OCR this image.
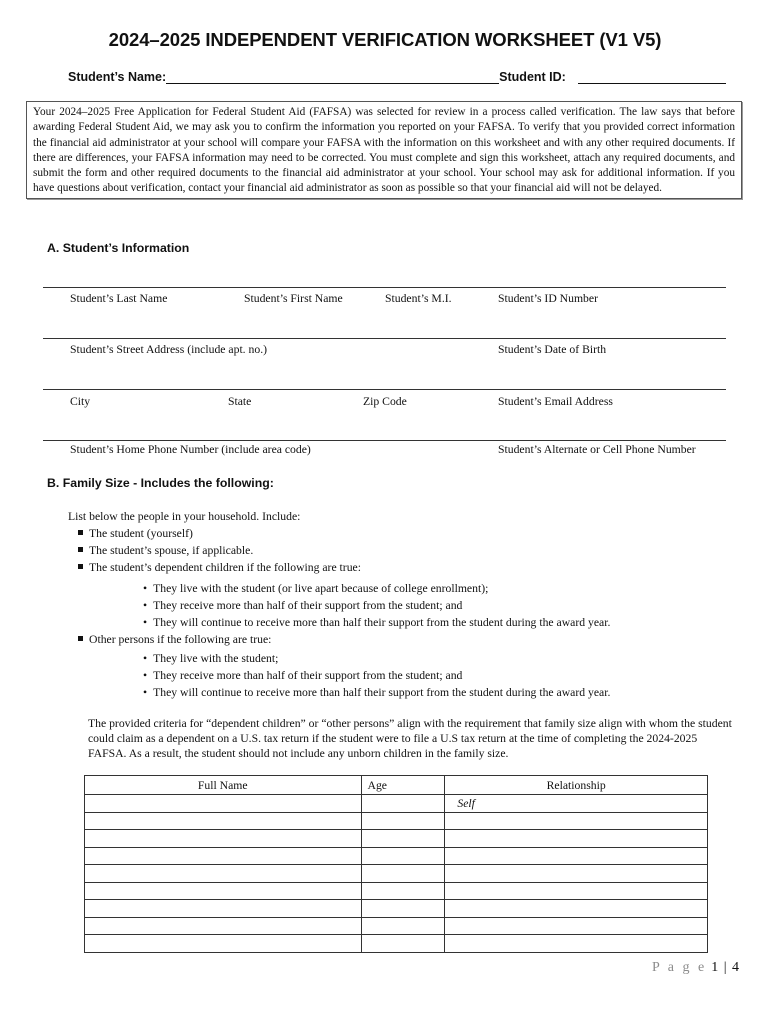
2024–2025 INDEPENDENT VERIFICATION WORKSHEET (V1 V5)
Student’s Name:	Student ID:
Your 2024–2025 Free Application for Federal Student Aid (FAFSA) was selected for review in a process called verification. The law says that before awarding Federal Student Aid, we may ask you to confirm the information you reported on your FAFSA. To verify that you provided correct information the financial aid administrator at your school will compare your FAFSA with the information on this worksheet and with any other required documents. If there are differences, your FAFSA information may need to be corrected. You must complete and sign this worksheet, attach any required documents, and submit the form and other required documents to the financial aid administrator at your school. Your school may ask for additional information. If you have questions about verification, contact your financial aid administrator as soon as possible so that your financial aid will not be delayed.
A. Student’s Information
Student’s Last Name	Student’s First Name	Student’s M.I.	Student’s ID Number
Student’s Street Address (include apt. no.)	Student’s Date of Birth
City	State	Zip Code	Student’s Email Address
Student’s Home Phone Number (include area code)	Student’s Alternate or Cell Phone Number
B. Family Size - Includes the following:
List below the people in your household. Include:
The student (yourself)
The student’s spouse, if applicable.
The student’s dependent children if the following are true:
• They live with the student (or live apart because of college enrollment);
• They receive more than half of their support from the student; and
• They will continue to receive more than half their support from the student during the award year.
Other persons if the following are true:
• They live with the student;
• They receive more than half of their support from the student; and
• They will continue to receive more than half their support from the student during the award year.
The provided criteria for “dependent children” or “other persons” align with the requirement that family size align with whom the student could claim as a dependent on a U.S. tax return if the student were to file a U.S tax return at the time of completing the 2024-2025 FAFSA. As a result, the student should not include any unborn children in the family size.
Full Name	Age	Relationship
		Self

P a g e 1 | 4
